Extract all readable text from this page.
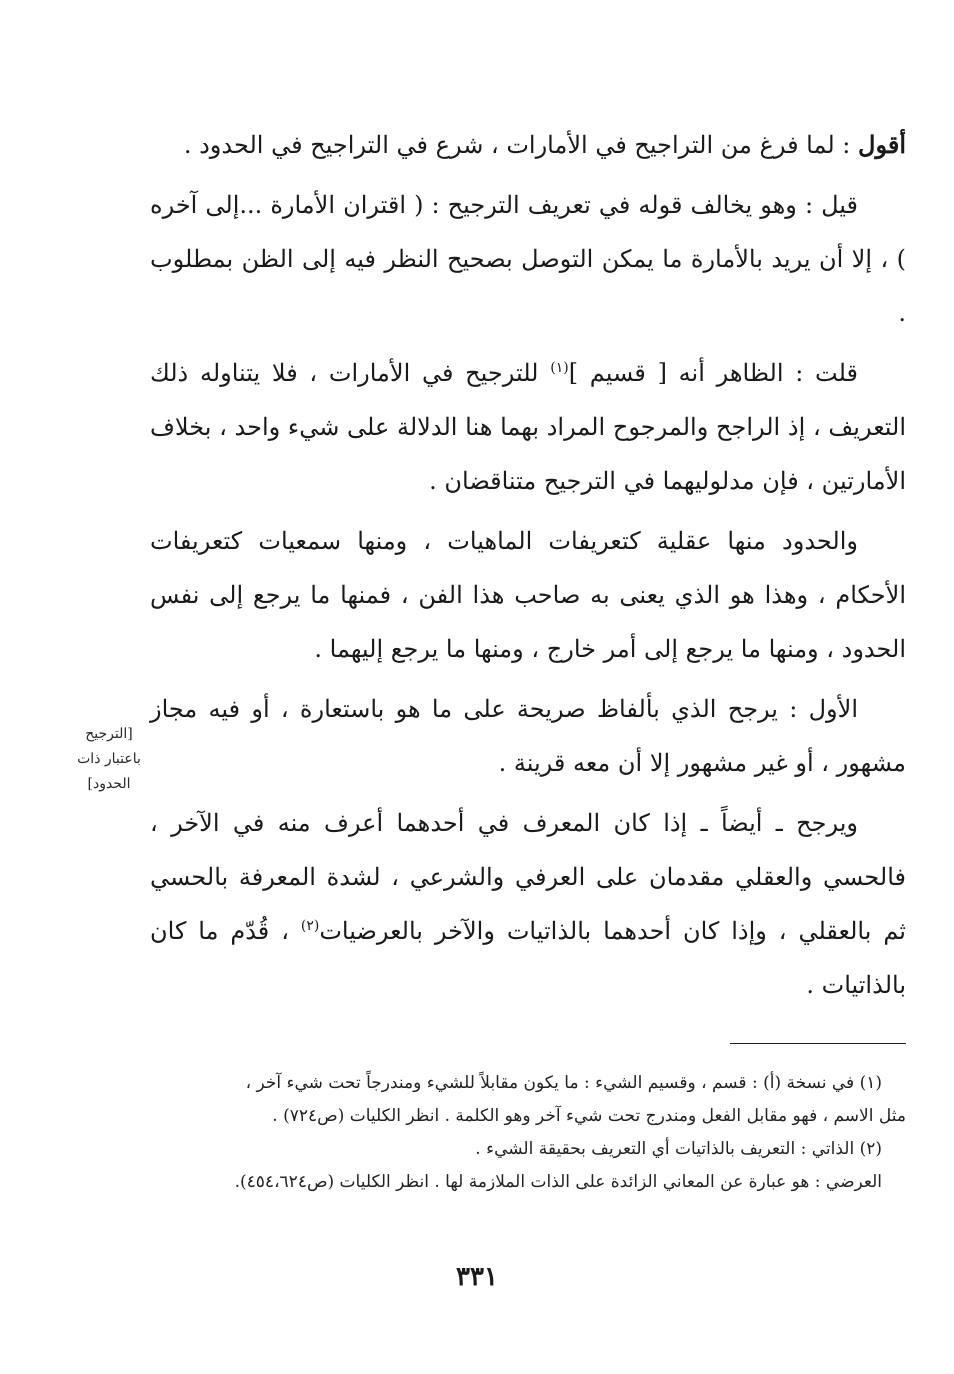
أقول : لما فرغ من التراجيح في الأمارات ، شرع في التراجيح في الحدود .

قيل : وهو يخالف قوله في تعريف الترجيح : ( اقتران الأمارة ...إلى آخره ) ، إلا أن يريد بالأمارة ما يمكن التوصل بصحيح النظر فيه إلى الظن بمطلوب .

قلت : الظاهر أنه [ قسيم ]$^{(١)}$ للترجيح في الأمارات ، فلا يتناوله ذلك التعريف ، إذ الراجح والمرجوح المراد بهما هنا الدلالة على شيء واحد ، بخلاف الأمارتين ، فإن مدلوليهما في الترجيح متناقضان .

والحدود منها عقلية كتعريفات الماهيات ، ومنها سمعيات كتعريفات الأحكام ، وهذا هو الذي يعنى به صاحب هذا الفن ، فمنها ما يرجع إلى نفس الحدود ، ومنها ما يرجع إلى أمر خارج ، ومنها ما يرجع إليهما .

الأول : يرجح الذي بألفاظ صريحة على ما هو باستعارة ، أو فيه مجاز مشهور ، أو غير مشهور إلا أن معه قرينة .

ويرجح ـ أيضاً ـ إذا كان المعرف في أحدهما أعرف منه في الآخر ، فالحسي والعقلي مقدمان على العرفي والشرعي ، لشدة المعرفة بالحسي ثم بالعقلي ، وإذا كان أحدهما بالذاتيات والآخر بالعرضيات$^{(٢)}$ ، قُدّم ما كان بالذاتيات .

[الترجيح
باعتبار ذات
الحدود]

(١) في نسخة (أ) : قسم ، وقسيم الشيء : ما يكون مقابلاً للشيء ومندرجاً تحت شيء آخر ،

مثل الاسم ، فهو مقابل الفعل ومندرج تحت شيء آخر وهو الكلمة . انظر الكليات (ص٧٢٤) .

(٢) الذاتي : التعريف بالذاتيات أي التعريف بحقيقة الشيء .

العرضي : هو عبارة عن المعاني الزائدة على الذات الملازمة لها . انظر الكليات (ص٤٥٤،٦٢٤).

٣٣١
